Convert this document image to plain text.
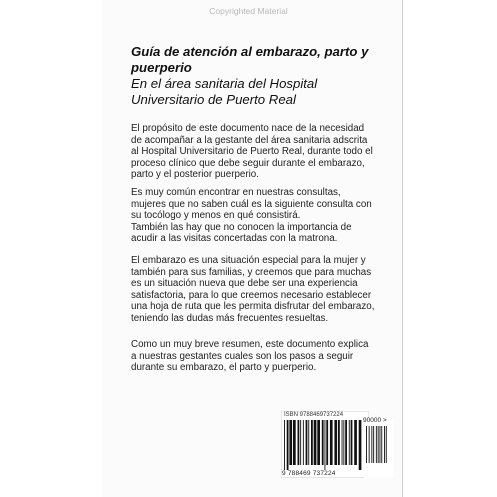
Copyrighted Material
Guía de atención al embarazo, parto y puerperio
En el área sanitaria del Hospital Universitario de Puerto Real

El propósito de este documento nace de la necesidad de acompañar a la gestante del área sanitaria adscrita al Hospital Universitario de Puerto Real, durante todo el proceso clínico que debe seguir durante el embarazo, parto y el posterior puerperio.

Es muy común encontrar en nuestras consultas, mujeres que no saben cuál es la siguiente consulta con su tocólogo y menos en qué consistirá.
También las hay que no conocen la importancia de acudir a las visitas concertadas con la matrona.

El embarazo es una situación especial para la mujer y también para sus familias, y creemos que para muchas es un situación nueva que debe ser una experiencia satisfactoria, para lo que creemos necesario establecer una hoja de ruta que les permita disfrutar del embarazo, teniendo las dudas más frecuentes resueltas.

Como un muy breve resumen, este documento explica a nuestras gestantes cuales son los pasos a seguir durante su embarazo, el parto y puerperio.

ISBN 9788469737224
9 788469 737224
90000 >
